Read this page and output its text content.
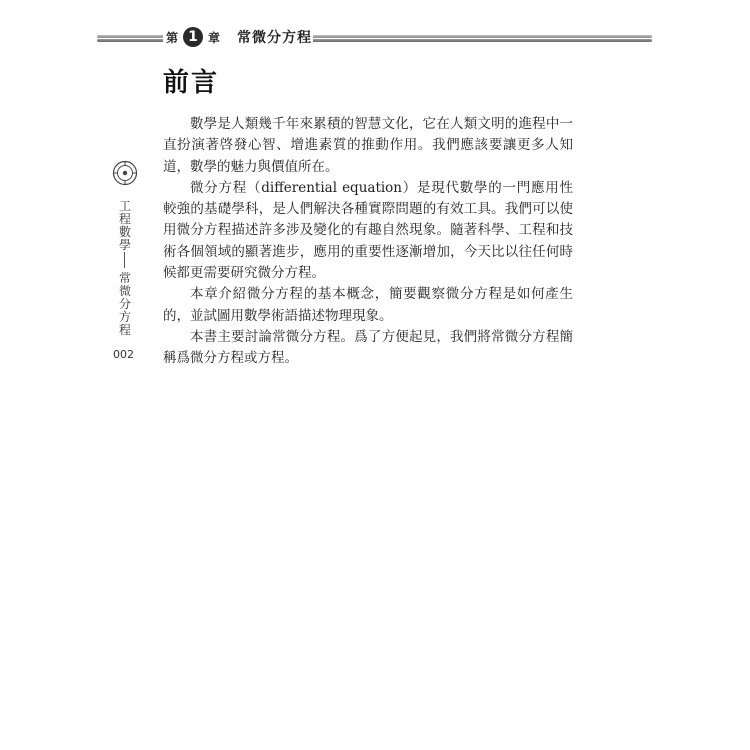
第 1 章 常微分方程
前言
工程數學
常微分方程
002

數學是人類幾千年來累積的智慧文化，它在人類文明的進程中一直扮演著啓發心智、增進素質的推動作用。我們應該要讓更多人知道，數學的魅力與價值所在。

微分方程（differential equation）是現代數學的一門應用性較強的基礎學科，是人們解決各種實際問題的有效工具。我們可以使用微分方程描述許多涉及變化的有趣自然現象。隨著科學、工程和技術各個領域的顯著進步，應用的重要性逐漸增加，今天比以往任何時候都更需要研究微分方程。

本章介紹微分方程的基本概念，簡要觀察微分方程是如何產生的，並試圖用數學術語描述物理現象。

本書主要討論常微分方程。爲了方便起見，我們將常微分方程簡稱爲微分方程或方程。
